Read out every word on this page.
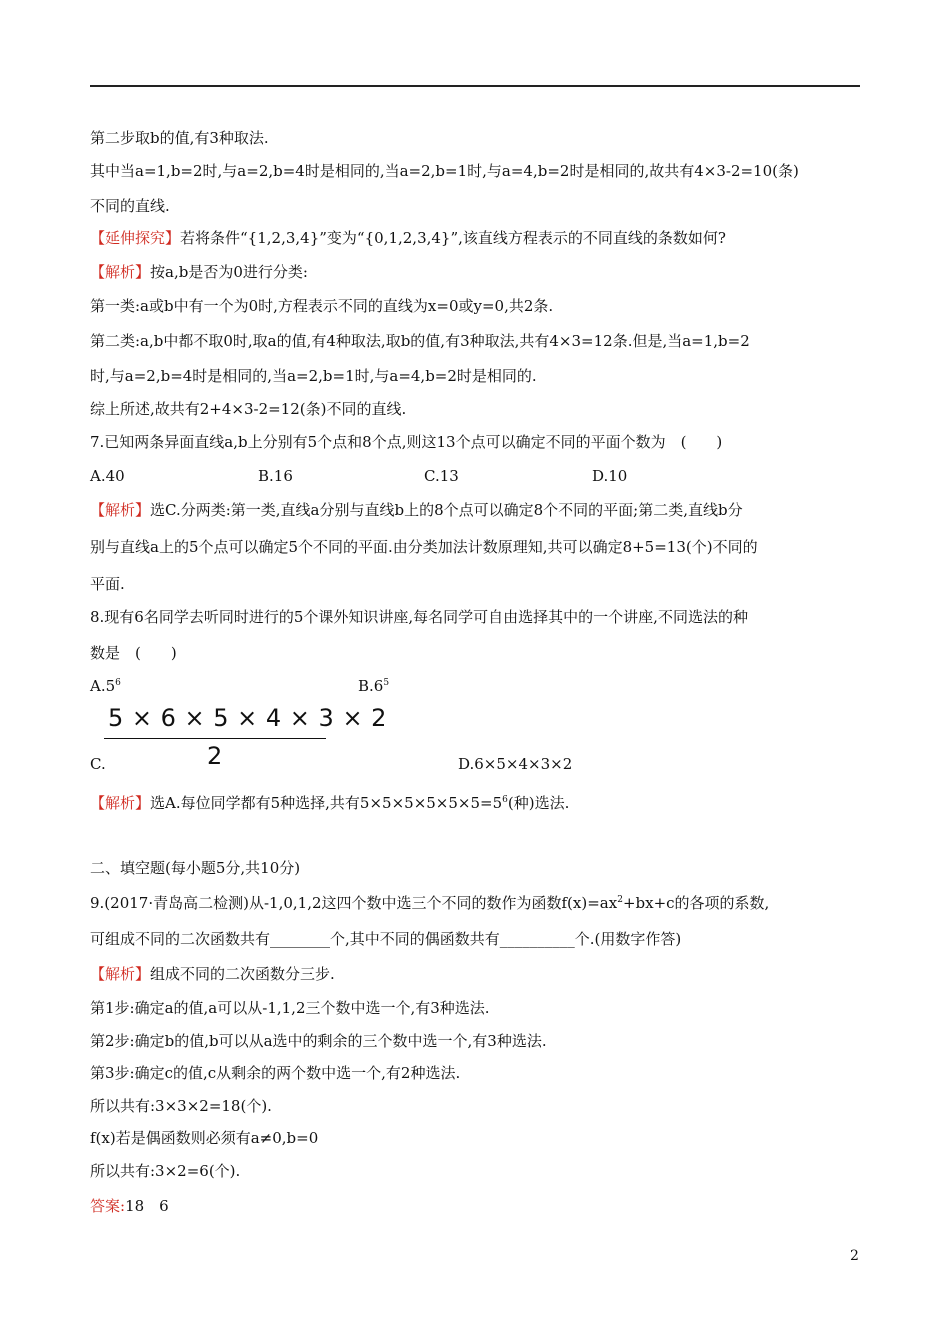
第二步取b的值,有3种取法.
其中当a=1,b=2时,与a=2,b=4时是相同的,当a=2,b=1时,与a=4,b=2时是相同的,故共有4×3-2=10(条)
不同的直线.
【延伸探究】若将条件“{1,2,3,4}”变为“{0,1,2,3,4}”,该直线方程表示的不同直线的条数如何?
【解析】按a,b是否为0进行分类:
第一类:a或b中有一个为0时,方程表示不同的直线为x=0或y=0,共2条.
第二类:a,b中都不取0时,取a的值,有4种取法,取b的值,有3种取法,共有4×3=12条.但是,当a=1,b=2
时,与a=2,b=4时是相同的,当a=2,b=1时,与a=4,b=2时是相同的.
综上所述,故共有2+4×3-2=12(条)不同的直线.
7.已知两条异面直线a,b上分别有5个点和8个点,则这13个点可以确定不同的平面个数为　(　　)
A.40	B.16	C.13	D.10
【解析】选C.分两类:第一类,直线a分别与直线b上的8个点可以确定8个不同的平面;第二类,直线b分
别与直线a上的5个点可以确定5个不同的平面.由分类加法计数原理知,共可以确定8+5=13(个)不同的
平面.
8.现有6名同学去听同时进行的5个课外知识讲座,每名同学可自由选择其中的一个讲座,不同选法的种
数是　(　　)
$A.5^6$	$B.6^5$
5 × 6 × 5 × 4 × 3 × 2
2
C.	D.6×5×4×3×2
【解析】选A.每位同学都有5种选择,共有$5\times 5\times 5\times 5\times 5\times 5=5^6$(种)选法.
二、填空题(每小题5分,共10分)
9.(2017·青岛高二检测)从-1,0,1,2这四个数中选三个不同的数作为函数$f(x)=ax^2+bx+c$的各项的系数,
可组成不同的二次函数共有________个,其中不同的偶函数共有__________个.(用数字作答)
【解析】组成不同的二次函数分三步.
第1步:确定a的值,a可以从-1,1,2三个数中选一个,有3种选法.
第2步:确定b的值,b可以从a选中的剩余的三个数中选一个,有3种选法.
第3步:确定c的值,c从剩余的两个数中选一个,有2种选法.
所以共有:3×3×2=18(个).
f(x)若是偶函数则必须有a≠0,b=0
所以共有:3×2=6(个).
答案:18　6
2
